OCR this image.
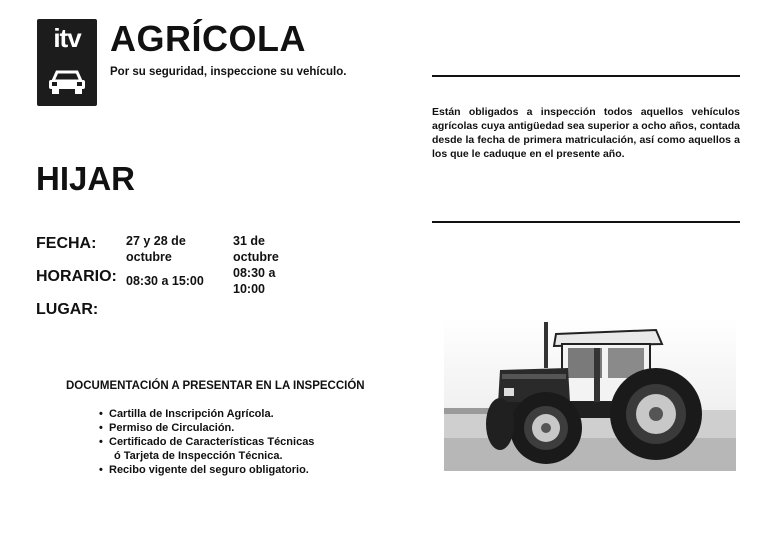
itv AGRÍCOLA
Por su seguridad, inspeccione su vehículo.
Están obligados a inspección todos aquellos vehículos agrícolas cuya antigüedad sea superior a ocho años, contada desde la fecha de primera matriculación, así como aquellos a los que le caduque en el presente año.
HIJAR
FECHA:
HORARIO:
LUGAR:
27 y 28 de octubre
08:30 a 15:00
31 de octubre
08:30 a 10:00
DOCUMENTACIÓN A PRESENTAR EN LA INSPECCIÓN
• Cartilla de Inscripción Agrícola.
• Permiso de Circulación.
• Certificado de Características Técnicas
ó Tarjeta de Inspección Técnica.
• Recibo vigente del seguro obligatorio.
